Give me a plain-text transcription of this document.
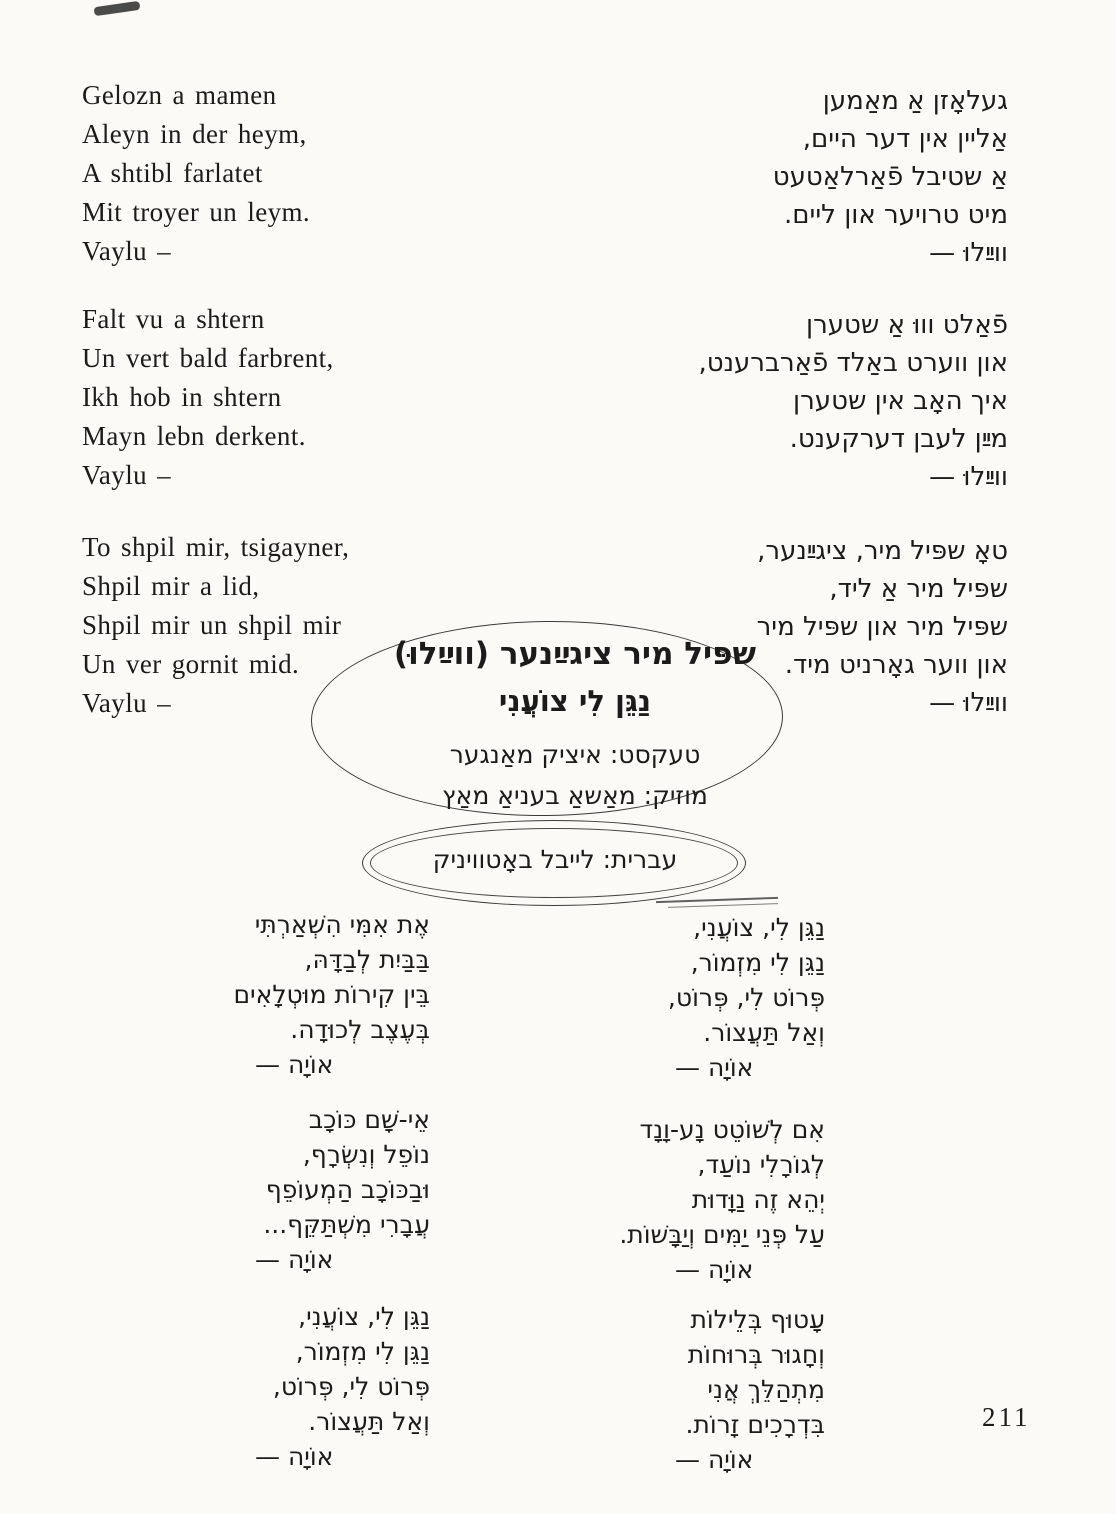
Gelozn a mamen
Aleyn in der heym,
A shtibl farlatet
Mit troyer un leym.
Vaylu –
Falt vu a shtern
Un vert bald farbrent,
Ikh hob in shtern
Mayn lebn derkent.
Vaylu –
To shpil mir, tsigayner,
Shpil mir a lid,
Shpil mir un shpil mir
Un ver gornit mid.
Vaylu –
געלאָזן אַ מאַמען
אַליין אין דער היים,
אַ שטיבל פֿאַרלאַטעט
מיט טרויער און ליים.
ווײַלוּ —
פֿאַלט וווּ אַ שטערן
און ווערט באַלד פֿאַרברענט,
איך האָב אין שטערן
מײַן לעבן דערקענט.
ווײַלוּ —
טאָ שפּיל מיר, ציגײַנער,
שפּיל מיר אַ ליד,
שפּיל מיר און שפּיל מיר
און ווער גאָרניט מיד.
ווײַלוּ —
שפּיל מיר ציגײַנער (ווײַלוּ)
נַגֵּן לִי צוֹעֲנִי
טעקסט: איציק מאַנגער
מוזיק: מאַשאַ בעניאַ מאַץ
עברית: לייבל באָטוויניק
נַגֵּן לִי, צוֹעֲנִי,
נַגֵּן לִי מִזְמוֹר,
פְּרוֹט לִי, פְּרוֹט,
וְאַל תַּעֲצוֹר.
אוֹיָה —
אִם לְשׁוֹטֵט נָע-וָנָד
לְגוֹרָלִי נוֹעַד,
יְהֵא זֶה נַוָּדוּת
עַל פְּנֵי יַמִּים וְיַבָּשׁוֹת.
אוֹיָה —
עָטוּף בְּלֵילוֹת
וְחָגוּר בְּרוּחוֹת
מִתְהַלֵּךְ אֲנִי
בִּדְרָכִים זָרוֹת.
אוֹיָה —
אֶת אִמִּי הִשְׁאַרְתִּי
בַּבַּיִת לְבַדָּהּ,
בֵּין קִירוֹת מוּטְלָאִים
בְּעֶצֶב לְכוּדָה.
אוֹיָה —
אֵי-שָׁם כּוֹכָב
נוֹפֵל וְנִשְׂרָף,
וּבַכּוֹכָב הַמְעוֹפֵף
עֲבָרִי מִשְׁתַּקֵּף...
אוֹיָה —
נַגֵּן לִי, צוֹעֲנִי,
נַגֵּן לִי מִזְמוֹר,
פְּרוֹט לִי, פְּרוֹט,
וְאַל תַּעֲצוֹר.
אוֹיָה —
211
